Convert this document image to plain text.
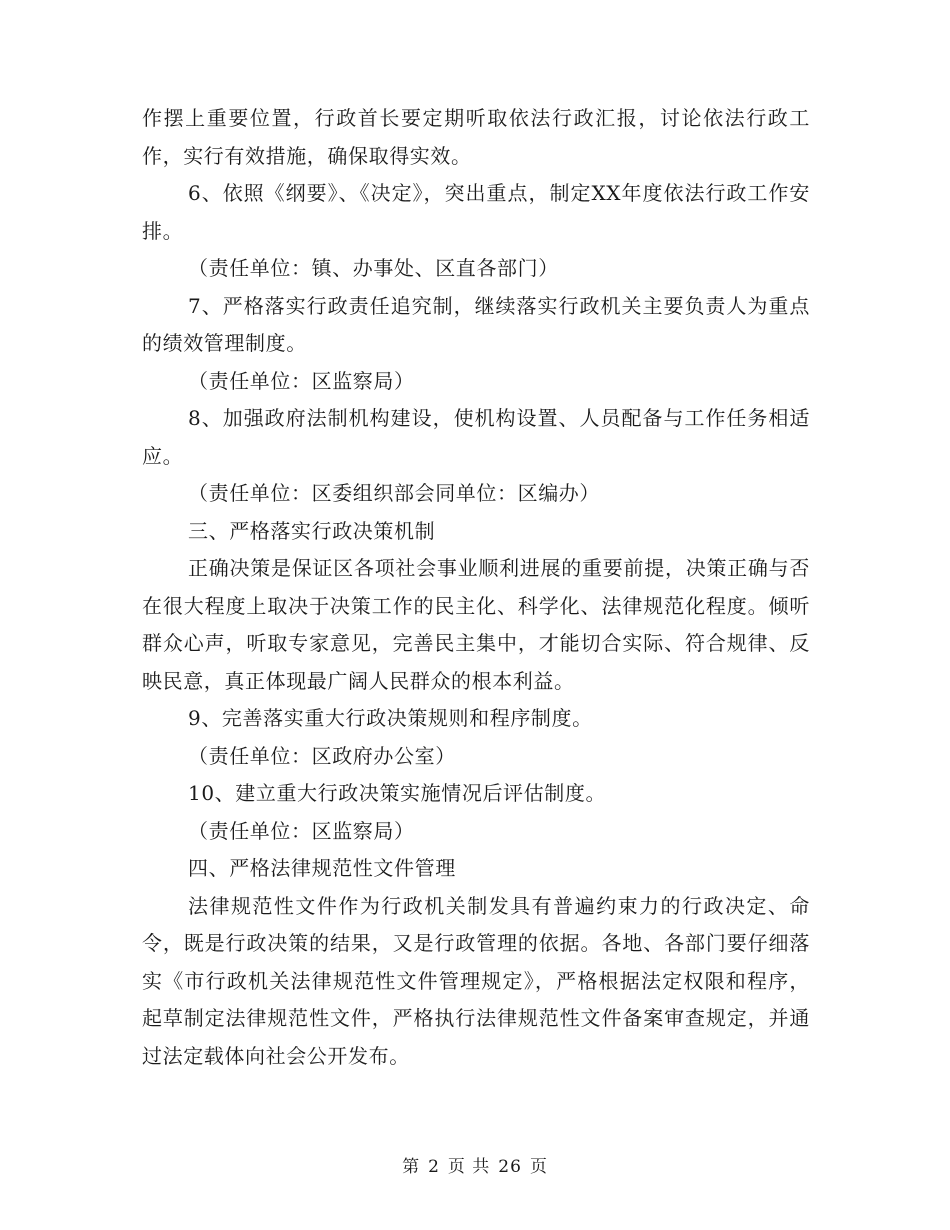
作摆上重要位置，行政首长要定期听取依法行政汇报，讨论依法行政工作，实行有效措施，确保取得实效。

6、依照《纲要》、《决定》，突出重点，制定XX年度依法行政工作安排。

（责任单位：镇、办事处、区直各部门）

7、严格落实行政责任追究制，继续落实行政机关主要负责人为重点的绩效管理制度。

（责任单位：区监察局）

8、加强政府法制机构建设，使机构设置、人员配备与工作任务相适应。

（责任单位：区委组织部会同单位：区编办）

三、严格落实行政决策机制

正确决策是保证区各项社会事业顺利进展的重要前提，决策正确与否在很大程度上取决于决策工作的民主化、科学化、法律规范化程度。倾听群众心声，听取专家意见，完善民主集中，才能切合实际、符合规律、反映民意，真正体现最广阔人民群众的根本利益。

9、完善落实重大行政决策规则和程序制度。

（责任单位：区政府办公室）

10、建立重大行政决策实施情况后评估制度。

（责任单位：区监察局）

四、严格法律规范性文件管理

法律规范性文件作为行政机关制发具有普遍约束力的行政决定、命令，既是行政决策的结果，又是行政管理的依据。各地、各部门要仔细落实《市行政机关法律规范性文件管理规定》，严格根据法定权限和程序，起草制定法律规范性文件，严格执行法律规范性文件备案审查规定，并通过法定载体向社会公开发布。

第 2 页 共 26 页
